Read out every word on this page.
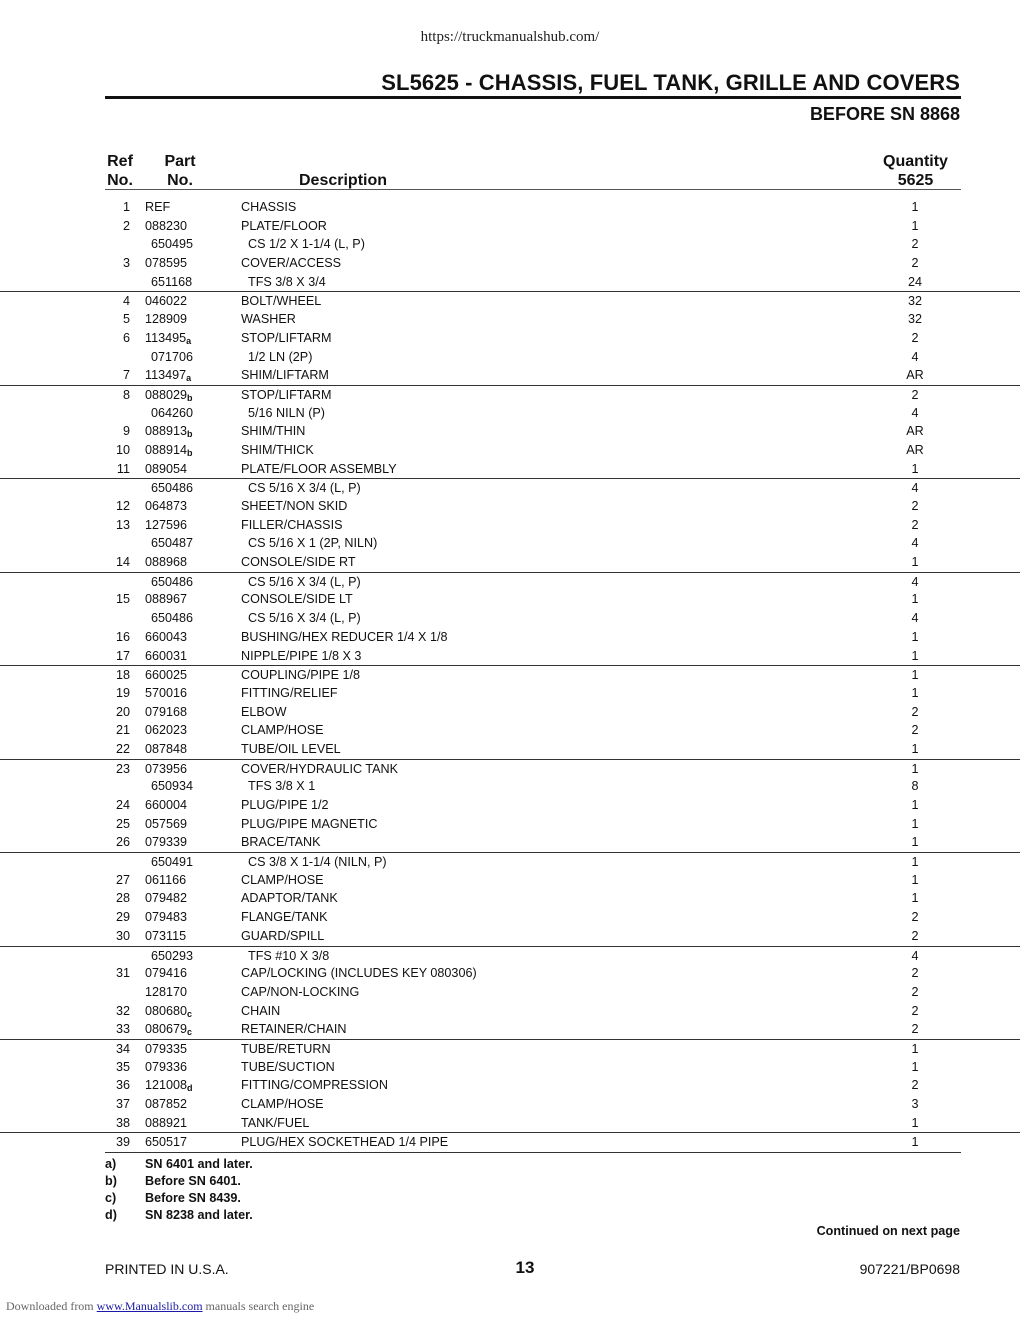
https://truckmanualshub.com/
SL5625 - CHASSIS, FUEL TANK, GRILLE AND COVERS
BEFORE SN 8868
Ref
No.
Part
No.	Description
Quantity
5625
1 REF	CHASSIS	1
2 088230	PLATE/FLOOR	1
650495	CS 1/2 X 1-1/4 (L, P)	2
3 078595	COVER/ACCESS	2
651168	TFS 3/8 X 3/4	24
4 046022	BOLT/WHEEL	32
5 128909	WASHER	32
6 $113495_a$	STOP/LIFTARM	2
071706	1/2 LN (2P)	4
7 $113497_a$	SHIM/LIFTARM	AR
8 $088029_b$	STOP/LIFTARM	2
064260	5/16 NILN (P)	4
9 $088913_b$	SHIM/THIN	AR
10 $088914_b$	SHIM/THICK	AR
11 089054	PLATE/FLOOR ASSEMBLY	1
650486	CS 5/16 X 3/4 (L, P)	4
12 064873	SHEET/NON SKID	2
13 127596	FILLER/CHASSIS	2
650487	CS 5/16 X 1 (2P, NILN)	4
14 088968	CONSOLE/SIDE RT	1
650486	CS 5/16 X 3/4 (L, P)	4
15 088967	CONSOLE/SIDE LT	1
650486	CS 5/16 X 3/4 (L, P)	4
16 660043	BUSHING/HEX REDUCER 1/4 X 1/8	1
17 660031	NIPPLE/PIPE 1/8 X 3	1
18 660025	COUPLING/PIPE 1/8	1
19 570016	FITTING/RELIEF	1
20 079168	ELBOW	2
21 062023	CLAMP/HOSE	2
22 087848	TUBE/OIL LEVEL	1
23 073956	COVER/HYDRAULIC TANK	1
650934	TFS 3/8 X 1	8
24 660004	PLUG/PIPE 1/2	1
25 057569	PLUG/PIPE MAGNETIC	1
26 079339	BRACE/TANK	1
650491	CS 3/8 X 1-1/4 (NILN, P)	1
27 061166	CLAMP/HOSE	1
28 079482	ADAPTOR/TANK	1
29 079483	FLANGE/TANK	2
30 073115	GUARD/SPILL	2
650293	TFS #10 X 3/8	4
31 079416	CAP/LOCKING (INCLUDES KEY 080306)	2
128170	CAP/NON-LOCKING	2
32 $080680_c$	CHAIN	2
33 $080679_c$	RETAINER/CHAIN	2
34 079335	TUBE/RETURN	1
35 079336	TUBE/SUCTION	1
36 $121008_d$	FITTING/COMPRESSION	2
37 087852	CLAMP/HOSE	3
38 088921	TANK/FUEL	1
39 650517	PLUG/HEX SOCKETHEAD 1/4 PIPE	1
a) SN 6401 and later.
b) Before SN 6401.
c) Before SN 8439.
d) SN 8238 and later.
Continued on next page
PRINTED IN U.S.A.	13	907221/BP0698
Downloaded from www.Manualslib.com manuals search engine
